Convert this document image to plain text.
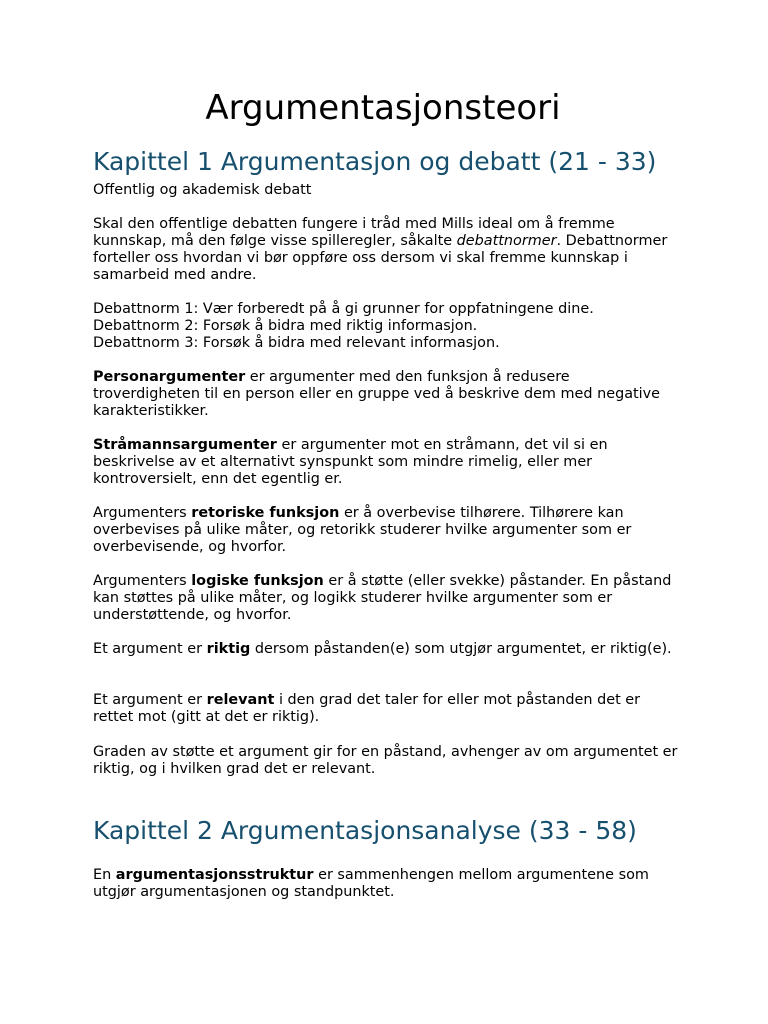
Argumentasjonsteori
Kapittel 1 Argumentasjon og debatt (21 - 33)

Offentlig og akademisk debatt

Skal den offentlige debatten fungere i tråd med Mills ideal om å fremme kunnskap, må den følge visse spilleregler, såkalte debattnormer. Debattnormer forteller oss hvordan vi bør oppføre oss dersom vi skal fremme kunnskap i samarbeid med andre.

Debattnorm 1: Vær forberedt på å gi grunner for oppfatningene dine.
Debattnorm 2: Forsøk å bidra med riktig informasjon.
Debattnorm 3: Forsøk å bidra med relevant informasjon.

Personargumenter er argumenter med den funksjon å redusere troverdigheten til en person eller en gruppe ved å beskrive dem med negative karakteristikker.

Stråmannsargumenter er argumenter mot en stråmann, det vil si en beskrivelse av et alternativt synspunkt som mindre rimelig, eller mer kontroversielt, enn det egentlig er.

Argumenters retoriske funksjon er å overbevise tilhørere. Tilhørere kan overbevises på ulike måter, og retorikk studerer hvilke argumenter som er overbevisende, og hvorfor.

Argumenters logiske funksjon er å støtte (eller svekke) påstander. En påstand kan støttes på ulike måter, og logikk studerer hvilke argumenter som er understøttende, og hvorfor.

Et argument er riktig dersom påstanden(e) som utgjør argumentet, er riktig(e).

Et argument er relevant i den grad det taler for eller mot påstanden det er rettet mot (gitt at det er riktig).

Graden av støtte et argument gir for en påstand, avhenger av om argumentet er riktig, og i hvilken grad det er relevant.

Kapittel 2 Argumentasjonsanalyse (33 - 58)

En argumentasjonsstruktur er sammenhengen mellom argumentene som utgjør argumentasjonen og standpunktet.
